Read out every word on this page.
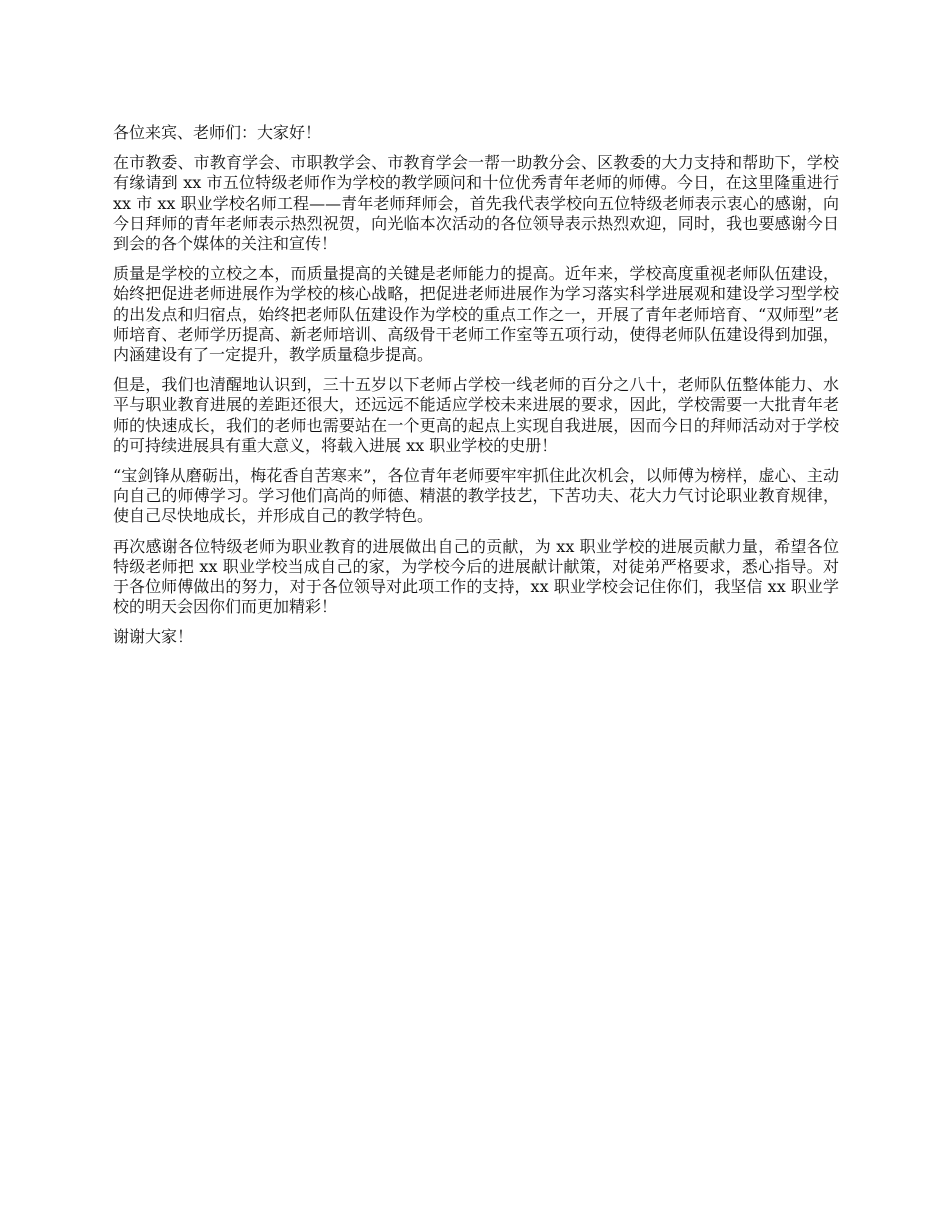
各位来宾、老师们：大家好！

在市教委、市教育学会、市职教学会、市教育学会一帮一助教分会、区教委的大力支持和帮助下，学校有缘请到 xx 市五位特级老师作为学校的教学顾问和十位优秀青年老师的师傅。今日，在这里隆重进行 xx 市 xx 职业学校名师工程——青年老师拜师会，首先我代表学校向五位特级老师表示衷心的感谢，向今日拜师的青年老师表示热烈祝贺，向光临本次活动的各位领导表示热烈欢迎，同时，我也要感谢今日到会的各个媒体的关注和宣传！

质量是学校的立校之本，而质量提高的关键是老师能力的提高。近年来，学校高度重视老师队伍建设，始终把促进老师进展作为学校的核心战略，把促进老师进展作为学习落实科学进展观和建设学习型学校的出发点和归宿点，始终把老师队伍建设作为学校的重点工作之一，开展了青年老师培育、“双师型”老师培育、老师学历提高、新老师培训、高级骨干老师工作室等五项行动，使得老师队伍建设得到加强，内涵建设有了一定提升，教学质量稳步提高。

但是，我们也清醒地认识到，三十五岁以下老师占学校一线老师的百分之八十，老师队伍整体能力、水平与职业教育进展的差距还很大，还远远不能适应学校未来进展的要求，因此，学校需要一大批青年老师的快速成长，我们的老师也需要站在一个更高的起点上实现自我进展，因而今日的拜师活动对于学校的可持续进展具有重大意义，将载入进展 xx 职业学校的史册！

“宝剑锋从磨砺出，梅花香自苦寒来”，各位青年老师要牢牢抓住此次机会，以师傅为榜样，虚心、主动向自己的师傅学习。学习他们高尚的师德、精湛的教学技艺，下苦功夫、花大力气讨论职业教育规律，使自己尽快地成长，并形成自己的教学特色。

再次感谢各位特级老师为职业教育的进展做出自己的贡献，为 xx 职业学校的进展贡献力量，希望各位特级老师把 xx 职业学校当成自己的家，为学校今后的进展献计献策，对徒弟严格要求，悉心指导。对于各位师傅做出的努力，对于各位领导对此项工作的支持，xx 职业学校会记住你们，我坚信 xx 职业学校的明天会因你们而更加精彩！

谢谢大家！
